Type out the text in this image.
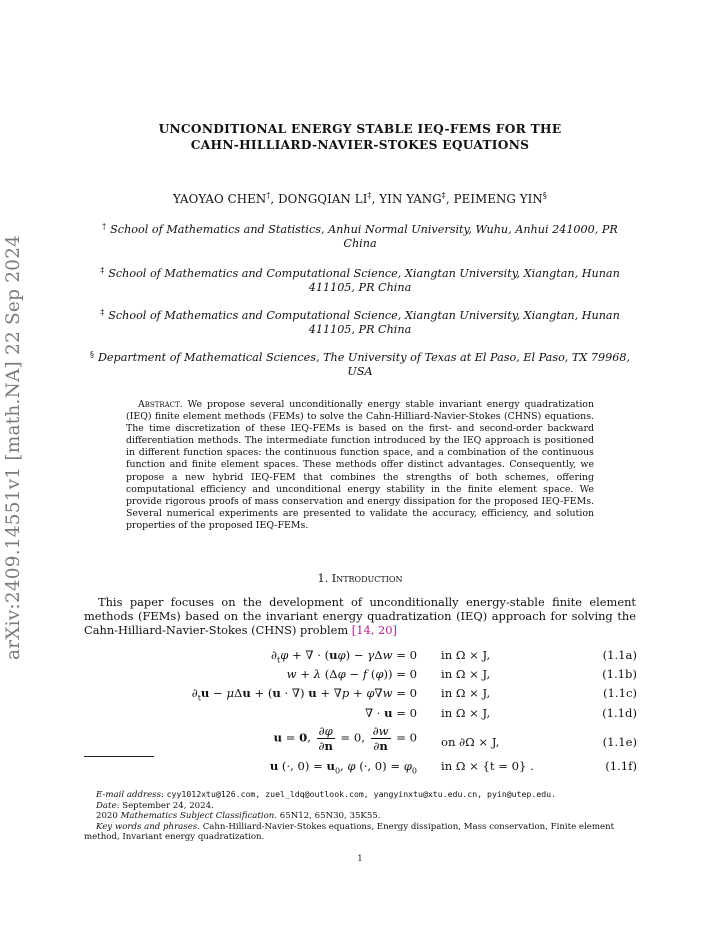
arXiv:2409.14551v1 [math.NA] 22 Sep 2024
UNCONDITIONAL ENERGY STABLE IEQ-FEMS FOR THE
CAHN-HILLIARD-NAVIER-STOKES EQUATIONS
YAOYAO CHEN†, DONGQIAN LI‡, YIN YANG‡, PEIMENG YIN§
† School of Mathematics and Statistics, Anhui Normal University, Wuhu, Anhui 241000, PR
China
‡ School of Mathematics and Computational Science, Xiangtan University, Xiangtan, Hunan
411105, PR China
‡ School of Mathematics and Computational Science, Xiangtan University, Xiangtan, Hunan
411105, PR China
§ Department of Mathematical Sciences, The University of Texas at El Paso, El Paso, TX 79968,
USA
Abstract. We propose several unconditionally energy stable invariant energy quadratization (IEQ) finite element methods (FEMs) to solve the Cahn-Hilliard-Navier-Stokes (CHNS) equations. The time discretization of these IEQ-FEMs is based on the first- and second-order backward differentiation methods. The intermediate function introduced by the IEQ approach is positioned in different function spaces: the continuous function space, and a combination of the continuous function and finite element spaces. These methods offer distinct advantages. Consequently, we propose a new hybrid IEQ-FEM that combines the strengths of both schemes, offering computational efficiency and unconditional energy stability in the finite element space. We provide rigorous proofs of mass conservation and energy dissipation for the proposed IEQ-FEMs. Several numerical experiments are presented to validate the accuracy, efficiency, and solution properties of the proposed IEQ-FEMs.
1. Introduction

This paper focuses on the development of unconditionally energy-stable finite element methods (FEMs) based on the invariant energy quadratization (IEQ) approach for solving the Cahn-Hilliard-Navier-Stokes (CHNS) problem [14, 20]

$\partial_t\varphi$ + ∇ · (uφ) − γΔw = 0
w + λ (Δφ − f (φ)) = 0
$\partial_tu - \mu\Delta u + (u$ · ∇) u + ∇p + φ∇w = 0
∇ · u = 0
u = 0, $\frac{\partial\varphi}{\partial n} = 0$, $\frac{\partial w}{\partial n} = 0$
u (·, $0) = u_0$, φ (·, $0) = \varphi_0$
in Ω × J,
in Ω × J,
in Ω × J,
in Ω × J,
on ∂Ω × J,
in Ω × {t = 0} .
(1.1a)
(1.1b)
(1.1c)
(1.1d)
(1.1e)
(1.1f)

E-mail address: cyy1012xtu@126.com, zuel_ldq@outlook.com, yangyinxtu@xtu.edu.cn, pyin@utep.edu.

Date: September 24, 2024.

2020 Mathematics Subject Classification. 65N12, 65N30, 35K55.

Key words and phrases. Cahn-Hilliard-Navier-Stokes equations, Energy dissipation, Mass conservation, Finite element method, Invariant energy quadratization.

1
